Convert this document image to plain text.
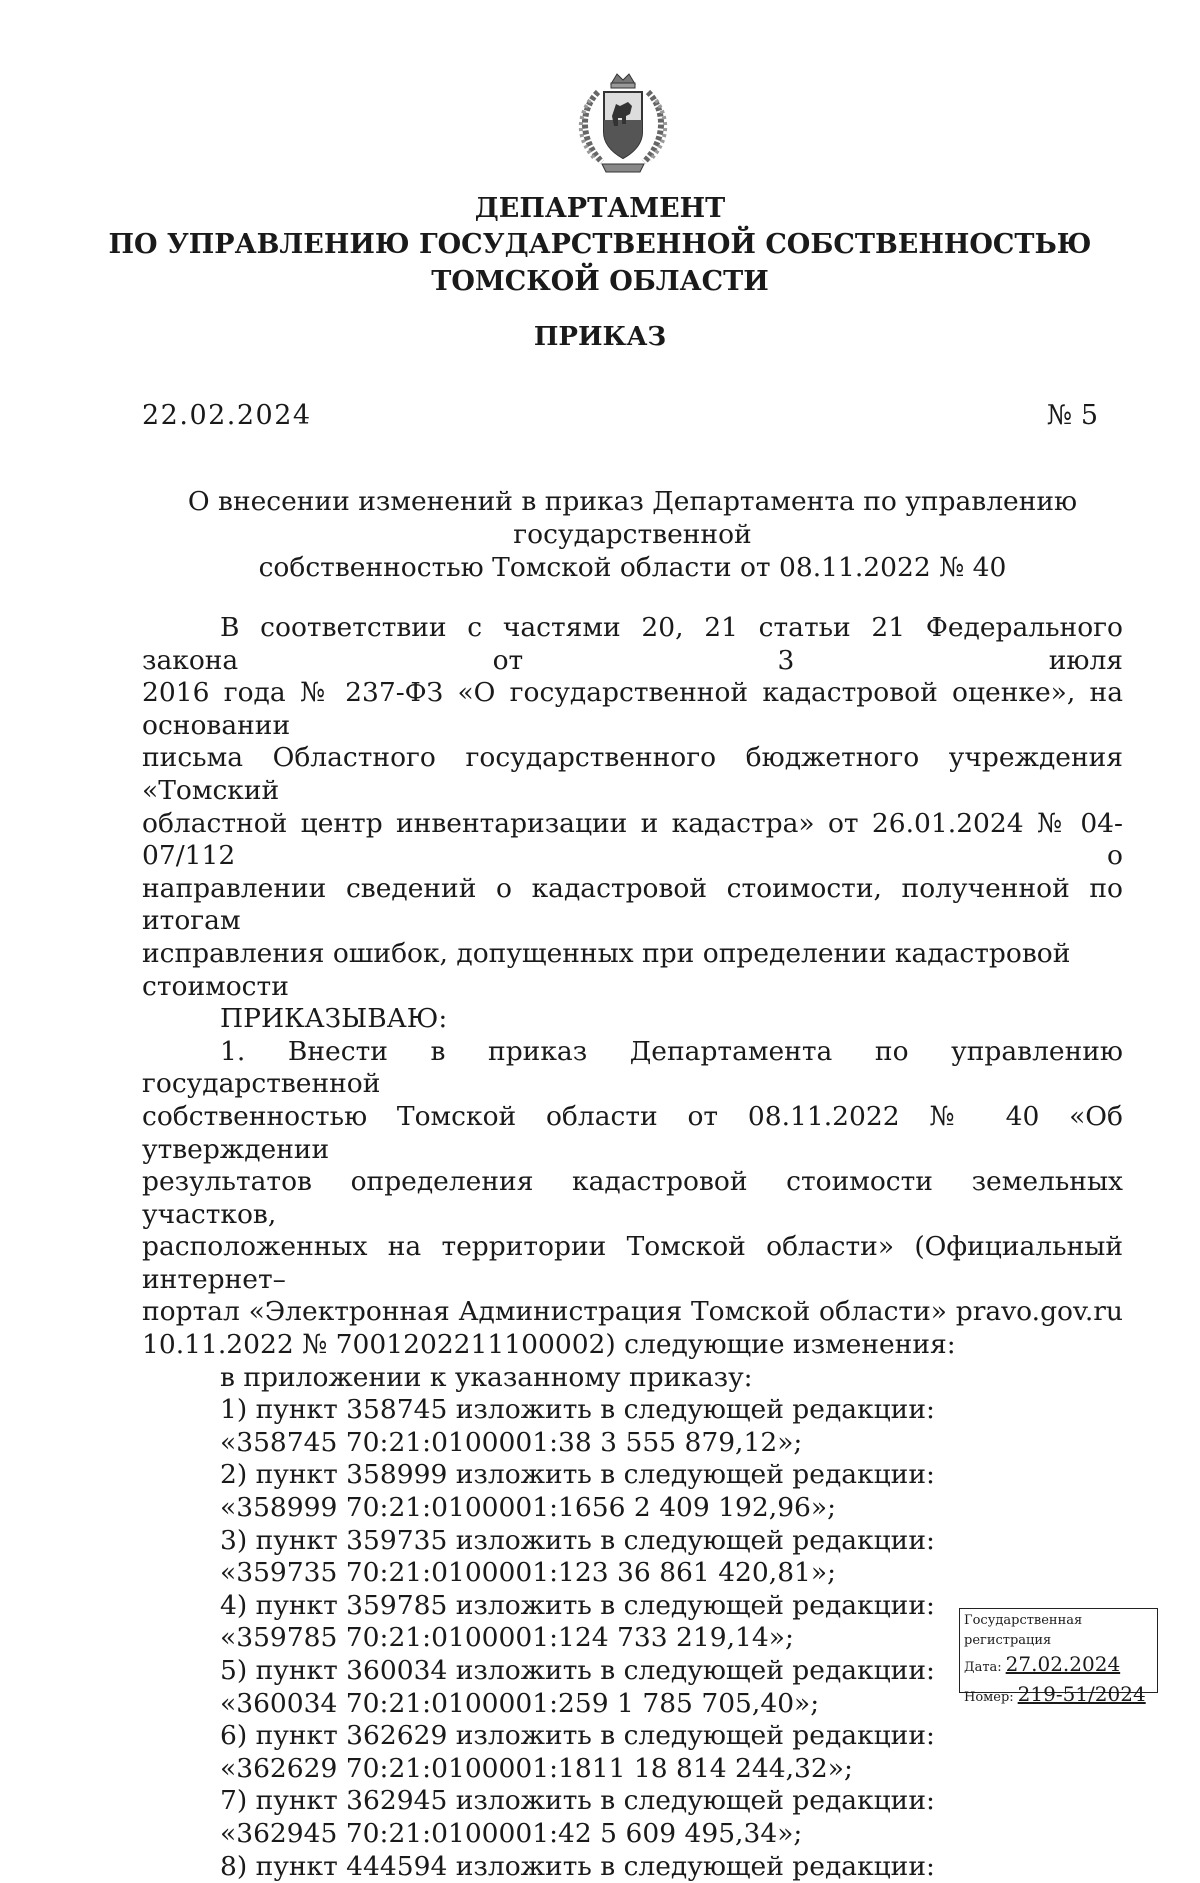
ДЕПАРТАМЕНТ
ПО УПРАВЛЕНИЮ ГОСУДАРСТВЕННОЙ СОБСТВЕННОСТЬЮ
ТОМСКОЙ ОБЛАСТИ
ПРИКАЗ
22.02.2024	№ 5
О внесении изменений в приказ Департамента по управлению государственной
собственностью Томской области от 08.11.2022 № 40

В соответствии с частями 20, 21 статьи 21 Федерального закона от 3 июля

2016 года № 237-ФЗ «О государственной кадастровой оценке», на основании

письма Областного государственного бюджетного учреждения «Томский

областной центр инвентаризации и кадастра» от 26.01.2024 № 04-07/112 о

направлении сведений о кадастровой стоимости, полученной по итогам

исправления ошибок, допущенных при определении кадастровой стоимости

ПРИКАЗЫВАЮ:

1. Внести в приказ Департамента по управлению государственной

собственностью Томской области от 08.11.2022 № 40 «Об утверждении

результатов определения кадастровой стоимости земельных участков,

расположенных на территории Томской области» (Официальный интернет–

портал «Электронная Администрация Томской области» pravo.gov.ru

10.11.2022 № 7001202211100002) следующие изменения:

в приложении к указанному приказу:

1) пункт 358745 изложить в следующей редакции:

«358745 70:21:0100001:38 3 555 879,12»;

2) пункт 358999 изложить в следующей редакции:

«358999 70:21:0100001:1656 2 409 192,96»;

3) пункт 359735 изложить в следующей редакции:

«359735 70:21:0100001:123 36 861 420,81»;

4) пункт 359785 изложить в следующей редакции:

«359785 70:21:0100001:124 733 219,14»;

5) пункт 360034 изложить в следующей редакции:

«360034 70:21:0100001:259 1 785 705,40»;

6) пункт 362629 изложить в следующей редакции:

«362629 70:21:0100001:1811 18 814 244,32»;

7) пункт 362945 изложить в следующей редакции:

«362945 70:21:0100001:42 5 609 495,34»;

8) пункт 444594 изложить в следующей редакции:

Государственная регистрация
Дата: 27.02.2024
Номер: 219-51/2024
